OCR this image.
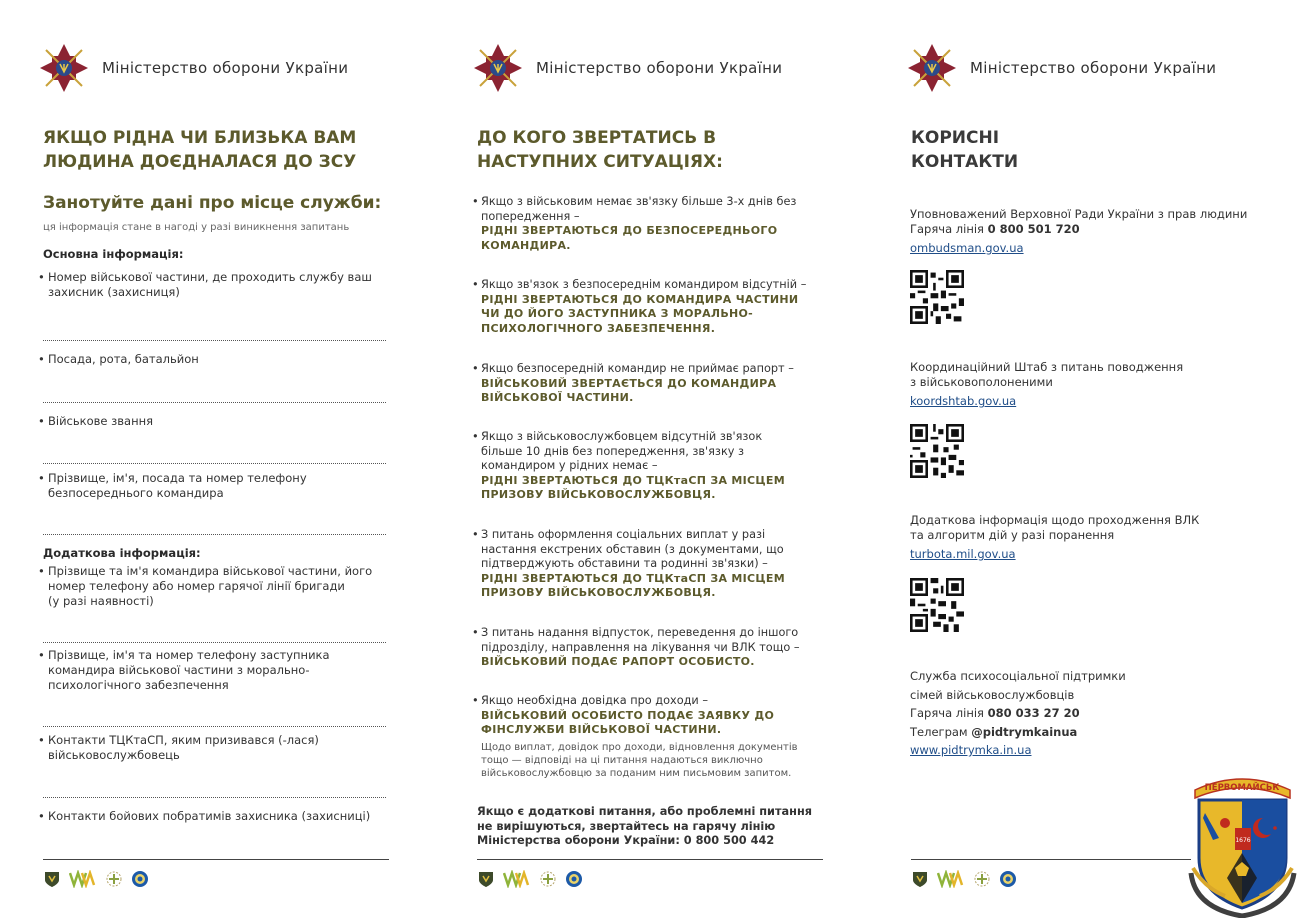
Міністерство оборони України
ЯКЩО РІДНА ЧИ БЛИЗЬКА ВАМ
ЛЮДИНА ДОЄДНАЛАСЯ ДО ЗСУ
Занотуйте дані про місце служби:
ця інформація стане в нагоді у разі виникнення запитань
Основна інформація:
• Номер військової частини, де проходить службу ваш
захисник (захисниця)
• Посада, рота, батальйон
• Військове звання
• Прізвище, ім'я, посада та номер телефону
безпосереднього командира
Додаткова інформація:
• Прізвище та ім'я командира військової частини, його
номер телефону або номер гарячої лінії бригади
(у разі наявності)
• Прізвище, ім'я та номер телефону заступника
командира військової частини з морально-
психологічного забезпечення
• Контакти ТЦКтаСП, яким призивався (-лася)
військовослужбовець
• Контакти бойових побратимів захисника (захисниці)
Міністерство оборони України
ДО КОГО ЗВЕРТАТИСЬ В
НАСТУПНИХ СИТУАЦІЯХ:
• Якщо з військовим немає зв'язку більше 3-х днів без
попередження –
РІДНІ ЗВЕРТАЮТЬСЯ ДО БЕЗПОСЕРЕДНЬОГО
КОМАНДИРА.
• Якщо зв'язок з безпосереднім командиром відсутній –
РІДНІ ЗВЕРТАЮТЬСЯ ДО КОМАНДИРА ЧАСТИНИ
ЧИ ДО ЙОГО ЗАСТУПНИКА З МОРАЛЬНО-
ПСИХОЛОГІЧНОГО ЗАБЕЗПЕЧЕННЯ.
• Якщо безпосередній командир не приймає рапорт –
ВІЙСЬКОВИЙ ЗВЕРТАЄТЬСЯ ДО КОМАНДИРА
ВІЙСЬКОВОЇ ЧАСТИНИ.
• Якщо з військовослужбовцем відсутній зв'язок
більше 10 днів без попередження, зв'язку з
командиром у рідних немає –
РІДНІ ЗВЕРТАЮТЬСЯ ДО ТЦКтаСП ЗА МІСЦЕМ
ПРИЗОВУ ВІЙСЬКОВОСЛУЖБОВЦЯ.
• З питань оформлення соціальних виплат у разі
настання екстрених обставин (з документами, що
підтверджують обставини та родинні зв'язки) –
РІДНІ ЗВЕРТАЮТЬСЯ ДО ТЦКтаСП ЗА МІСЦЕМ
ПРИЗОВУ ВІЙСЬКОВОСЛУЖБОВЦЯ.
• З питань надання відпусток, переведення до іншого
підрозділу, направлення на лікування чи ВЛК тощо –
ВІЙСЬКОВИЙ ПОДАЄ РАПОРТ ОСОБИСТО.
• Якщо необхідна довідка про доходи –
ВІЙСЬКОВИЙ ОСОБИСТО ПОДАЄ ЗАЯВКУ ДО
ФІНСЛУЖБИ ВІЙСЬКОВОЇ ЧАСТИНИ.
Щодо виплат, довідок про доходи, відновлення документів
тощо — відповіді на ці питання надаються виключно
військовослужбовцю за поданим ним письмовим запитом.
Якщо є додаткові питання, або проблемні питання
не вирішуються, звертайтесь на гарячу лінію
Міністерства оборони України: 0 800 500 442
Міністерство оборони України
КОРИСНІ
КОНТАКТИ
Уповноважений Верховної Ради України з прав людини
Гаряча лінія 0 800 501 720
ombudsman.gov.ua
Координаційний Штаб з питань поводження
з військовополоненими
koordshtab.gov.ua
Додаткова інформація щодо проходження ВЛК
та алгоритм дій у разі поранення
turbota.mil.gov.ua
Служба психосоціальної підтримки
сімей військовослужбовців
Гаряча лінія 080 033 27 20
Телеграм @pidtrymkainua
www.pidtrymka.in.ua
ПЕРВОМАЙСЬК
1676
